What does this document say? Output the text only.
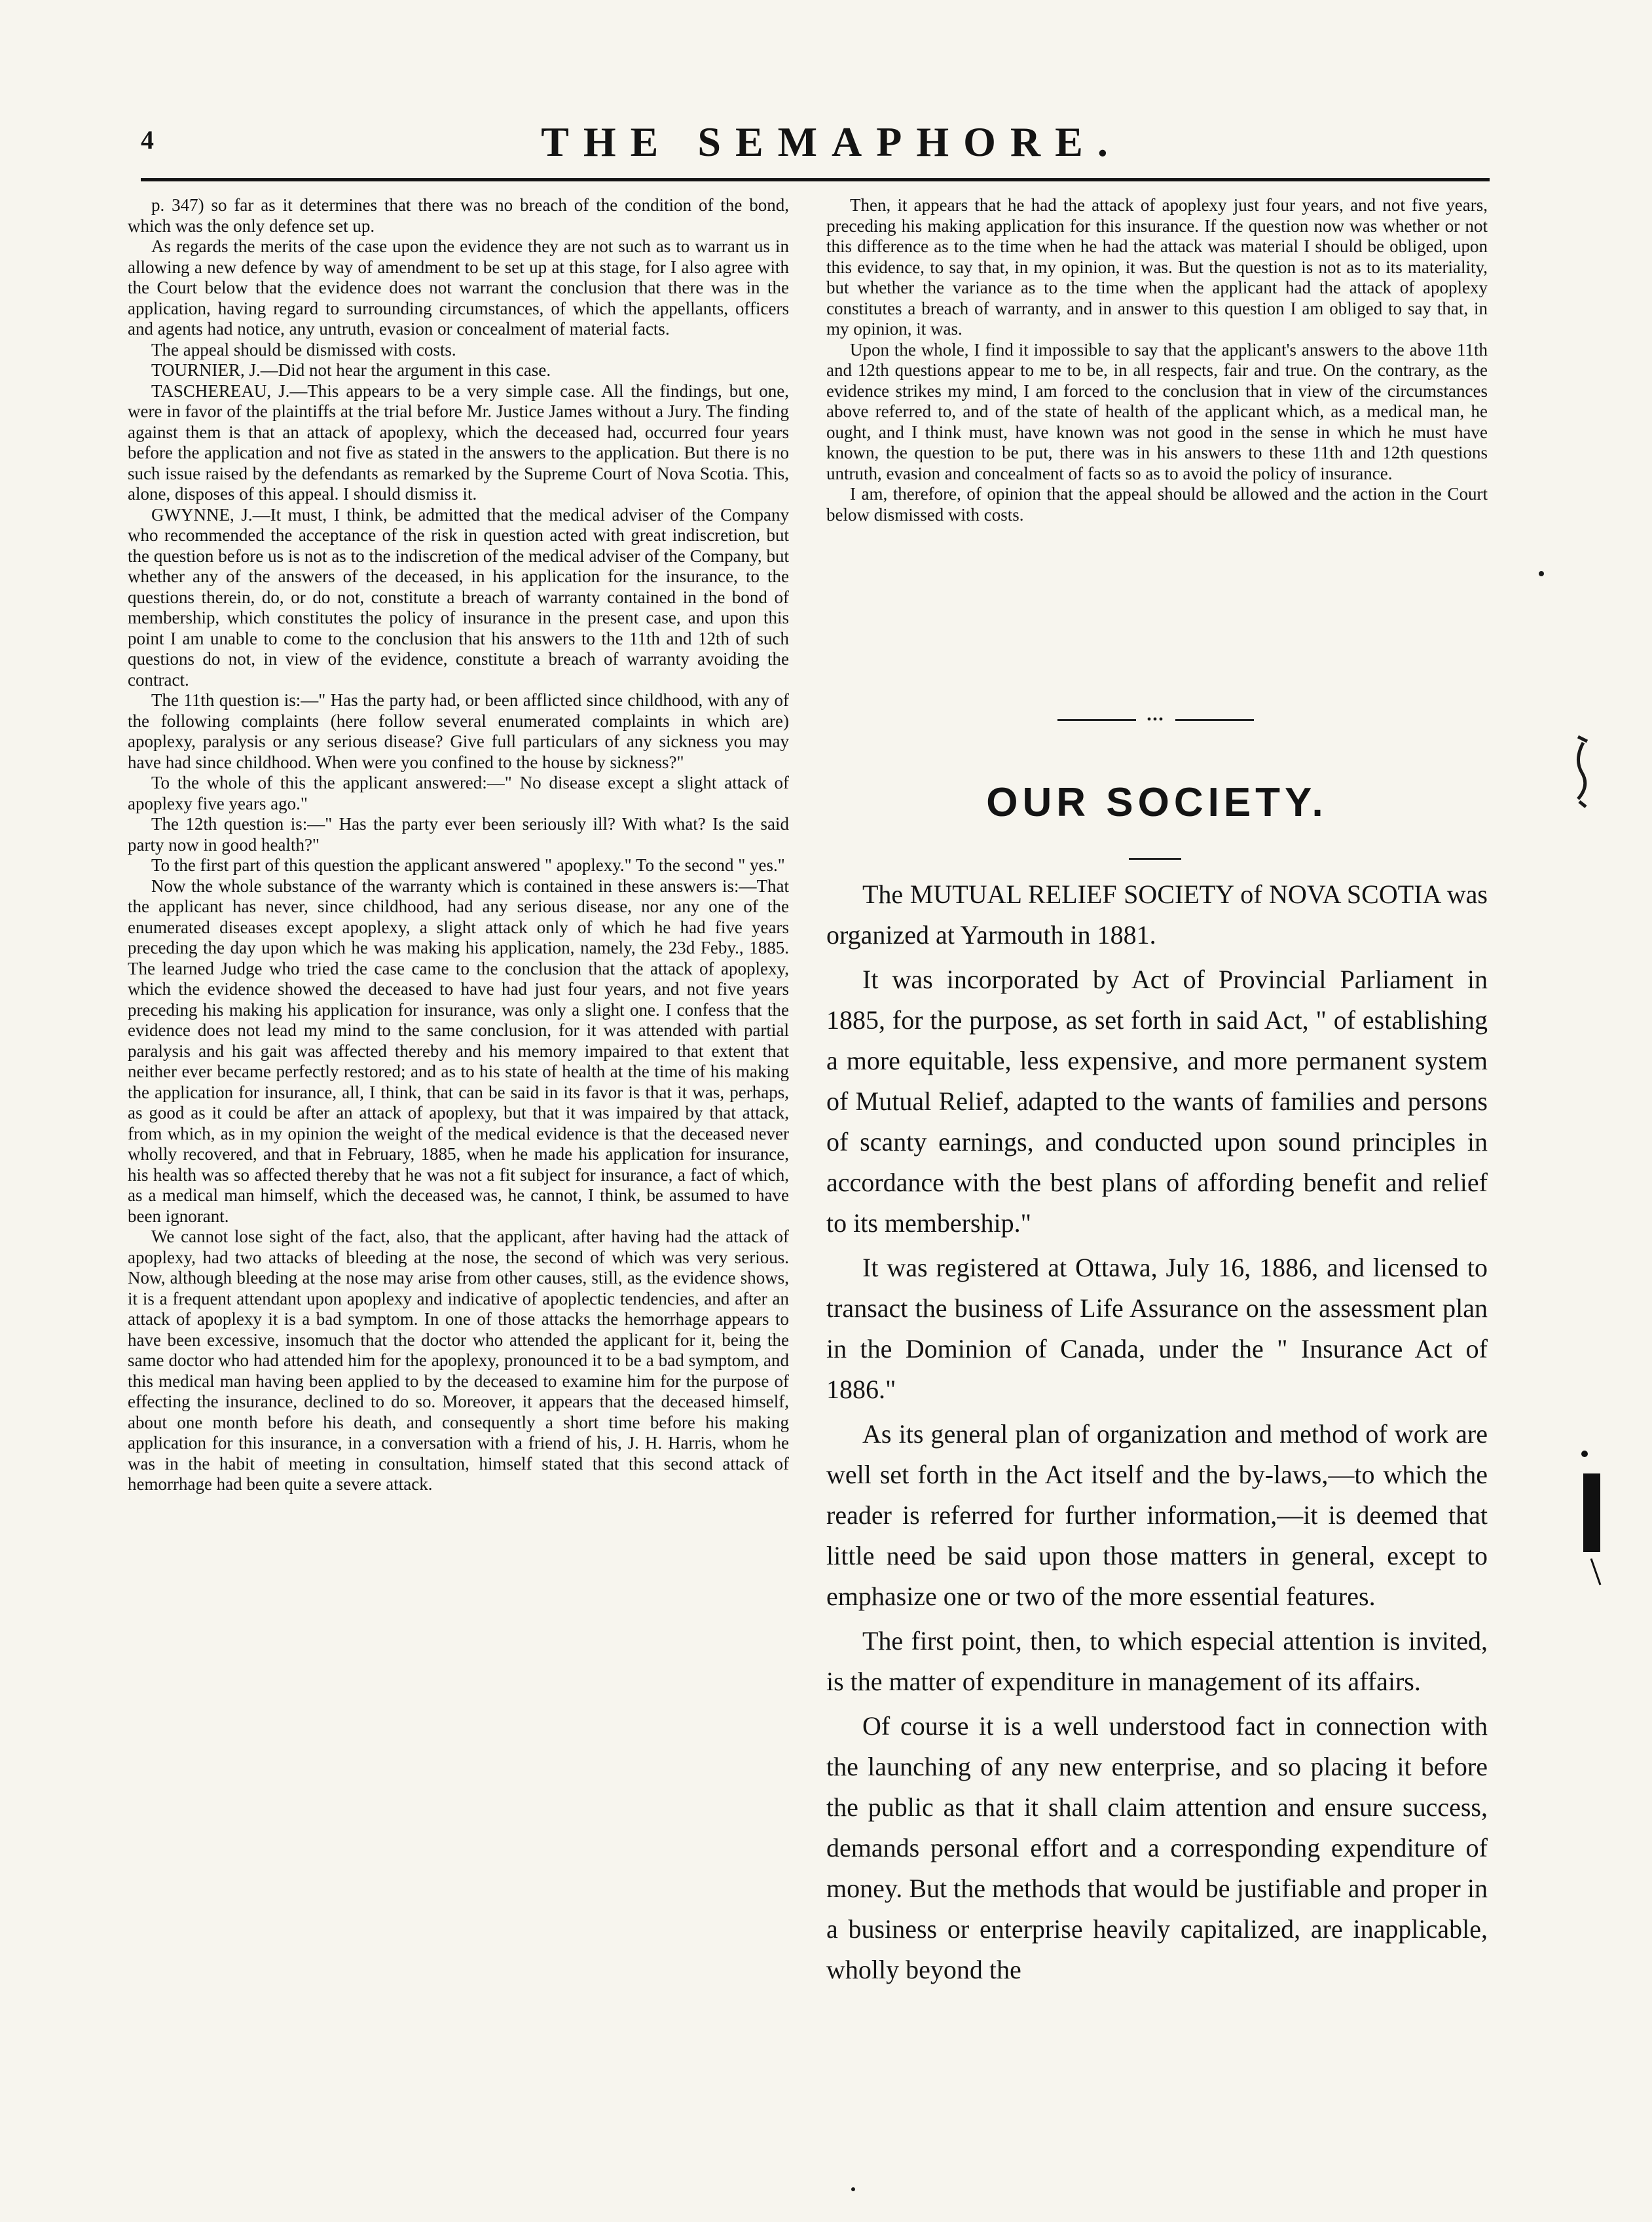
4	THE SEMAPHORE.

p. 347) so far as it determines that there was no breach of the condition of the bond, which was the only defence set up.

As regards the merits of the case upon the evidence they are not such as to warrant us in allowing a new defence by way of amendment to be set up at this stage, for I also agree with the Court below that the evidence does not warrant the conclusion that there was in the application, having regard to surrounding circumstances, of which the appellants, officers and agents had notice, any untruth, evasion or concealment of material facts.

The appeal should be dismissed with costs.

TOURNIER, J.—Did not hear the argument in this case.

TASCHEREAU, J.—This appears to be a very simple case. All the findings, but one, were in favor of the plaintiffs at the trial before Mr. Justice James without a Jury. The finding against them is that an attack of apoplexy, which the deceased had, occurred four years before the application and not five as stated in the answers to the application. But there is no such issue raised by the defendants as remarked by the Supreme Court of Nova Scotia. This, alone, disposes of this appeal. I should dismiss it.

GWYNNE, J.—It must, I think, be admitted that the medical adviser of the Company who recommended the acceptance of the risk in question acted with great indiscretion, but the question before us is not as to the indiscretion of the medical adviser of the Company, but whether any of the answers of the deceased, in his application for the insurance, to the questions therein, do, or do not, constitute a breach of warranty contained in the bond of membership, which constitutes the policy of insurance in the present case, and upon this point I am unable to come to the conclusion that his answers to the 11th and 12th of such questions do not, in view of the evidence, constitute a breach of warranty avoiding the contract.

The 11th question is:—" Has the party had, or been afflicted since childhood, with any of the following complaints (here follow several enumerated complaints in which are) apoplexy, paralysis or any serious disease? Give full particulars of any sickness you may have had since childhood. When were you confined to the house by sickness?"

To the whole of this the applicant answered:—" No disease except a slight attack of apoplexy five years ago."

The 12th question is:—" Has the party ever been seriously ill? With what? Is the said party now in good health?"

To the first part of this question the applicant answered " apoplexy." To the second " yes."

Now the whole substance of the warranty which is contained in these answers is:—That the applicant has never, since childhood, had any serious disease, nor any one of the enumerated diseases except apoplexy, a slight attack only of which he had five years preceding the day upon which he was making his application, namely, the 23d Feby., 1885. The learned Judge who tried the case came to the conclusion that the attack of apoplexy, which the evidence showed the deceased to have had just four years, and not five years preceding his making his application for insurance, was only a slight one. I confess that the evidence does not lead my mind to the same conclusion, for it was attended with partial paralysis and his gait was affected thereby and his memory impaired to that extent that neither ever became perfectly restored; and as to his state of health at the time of his making the application for insurance, all, I think, that can be said in its favor is that it was, perhaps, as good as it could be after an attack of apoplexy, but that it was impaired by that attack, from which, as in my opinion the weight of the medical evidence is that the deceased never wholly recovered, and that in February, 1885, when he made his application for insurance, his health was so affected thereby that he was not a fit subject for insurance, a fact of which, as a medical man himself, which the deceased was, he cannot, I think, be assumed to have been ignorant.

We cannot lose sight of the fact, also, that the applicant, after having had the attack of apoplexy, had two attacks of bleeding at the nose, the second of which was very serious. Now, although bleeding at the nose may arise from other causes, still, as the evidence shows, it is a frequent attendant upon apoplexy and indicative of apoplectic tendencies, and after an attack of apoplexy it is a bad symptom. In one of those attacks the hemorrhage appears to have been excessive, insomuch that the doctor who attended the applicant for it, being the same doctor who had attended him for the apoplexy, pronounced it to be a bad symptom, and this medical man having been applied to by the deceased to examine him for the purpose of effecting the insurance, declined to do so. Moreover, it appears that the deceased himself, about one month before his death, and consequently a short time before his making application for this insurance, in a conversation with a friend of his, J. H. Harris, whom he was in the habit of meeting in consultation, himself stated that this second attack of hemorrhage had been quite a severe attack.

Then, it appears that he had the attack of apoplexy just four years, and not five years, preceding his making application for this insurance. If the question now was whether or not this difference as to the time when he had the attack was material I should be obliged, upon this evidence, to say that, in my opinion, it was. But the question is not as to its materiality, but whether the variance as to the time when the applicant had the attack of apoplexy constitutes a breach of warranty, and in answer to this question I am obliged to say that, in my opinion, it was.

Upon the whole, I find it impossible to say that the applicant's answers to the above 11th and 12th questions appear to me to be, in all respects, fair and true. On the contrary, as the evidence strikes my mind, I am forced to the conclusion that in view of the circumstances above referred to, and of the state of health of the applicant which, as a medical man, he ought, and I think must, have known was not good in the sense in which he must have known, the question to be put, there was in his answers to these 11th and 12th questions untruth, evasion and concealment of facts so as to avoid the policy of insurance.

I am, therefore, of opinion that the appeal should be allowed and the action in the Court below dismissed with costs.

•••
OUR SOCIETY.

The MUTUAL RELIEF SOCIETY of NOVA SCOTIA was organized at Yarmouth in 1881.

It was incorporated by Act of Provincial Parliament in 1885, for the purpose, as set forth in said Act, " of establishing a more equitable, less expensive, and more permanent system of Mutual Relief, adapted to the wants of families and persons of scanty earnings, and conducted upon sound principles in accordance with the best plans of affording benefit and relief to its membership."

It was registered at Ottawa, July 16, 1886, and licensed to transact the business of Life Assurance on the assessment plan in the Dominion of Canada, under the " Insurance Act of 1886."

As its general plan of organization and method of work are well set forth in the Act itself and the by-laws,—to which the reader is referred for further information,—it is deemed that little need be said upon those matters in general, except to emphasize one or two of the more essential features.

The first point, then, to which especial attention is invited, is the matter of expenditure in management of its affairs.

Of course it is a well understood fact in connection with the launching of any new enterprise, and so placing it before the public as that it shall claim attention and ensure success, demands personal effort and a corresponding expenditure of money. But the methods that would be justifiable and proper in a business or enterprise heavily capitalized, are inapplicable, wholly beyond the
